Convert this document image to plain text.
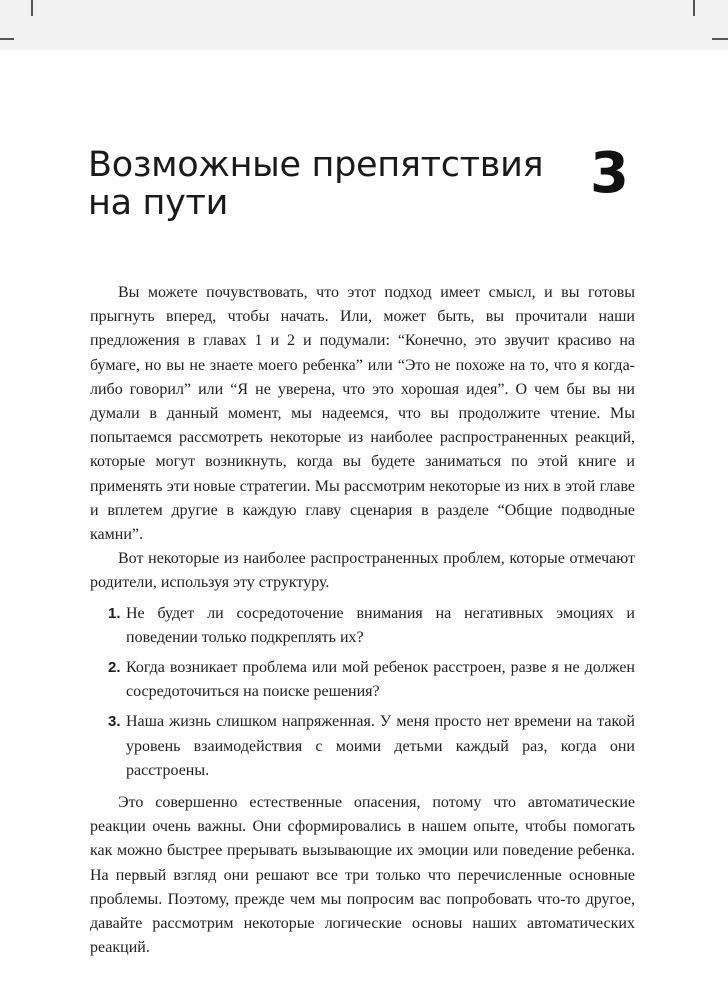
Возможные препятствия
на пути	3

Вы можете почувствовать, что этот подход имеет смысл, и вы готовы прыгнуть вперед, чтобы начать. Или, может быть, вы прочитали наши предложения в главах 1 и 2 и подумали: “Конечно, это звучит красиво на бумаге, но вы не знаете моего ребенка” или “Это не похоже на то, что я когда-либо говорил” или “Я не уверена, что это хорошая идея”. О чем бы вы ни думали в данный момент, мы надеемся, что вы продолжите чтение. Мы попытаемся рассмотреть некоторые из наиболее распространенных реакций, которые могут возникнуть, когда вы будете заниматься по этой книге и применять эти новые стратегии. Мы рассмотрим некоторые из них в этой главе и вплетем другие в каждую главу сценария в разделе “Общие подводные камни”.

Вот некоторые из наиболее распространенных проблем, которые отмечают родители, используя эту структуру.

1. Не будет ли сосредоточение внимания на негативных эмоциях и поведении только подкреплять их?
2. Когда возникает проблема или мой ребенок расстроен, разве я не должен сосредоточиться на поиске решения?
3. Наша жизнь слишком напряженная. У меня просто нет времени на такой уровень взаимодействия с моими детьми каждый раз, когда они расстроены.

Это совершенно естественные опасения, потому что автоматические реакции очень важны. Они сформировались в нашем опыте, чтобы помогать как можно быстрее прерывать вызывающие их эмоции или поведение ребенка. На первый взгляд они решают все три только что перечисленные основные проблемы. Поэтому, прежде чем мы попросим вас попробовать что-то другое, давайте рассмотрим некоторые логические основы наших автоматических реакций.
